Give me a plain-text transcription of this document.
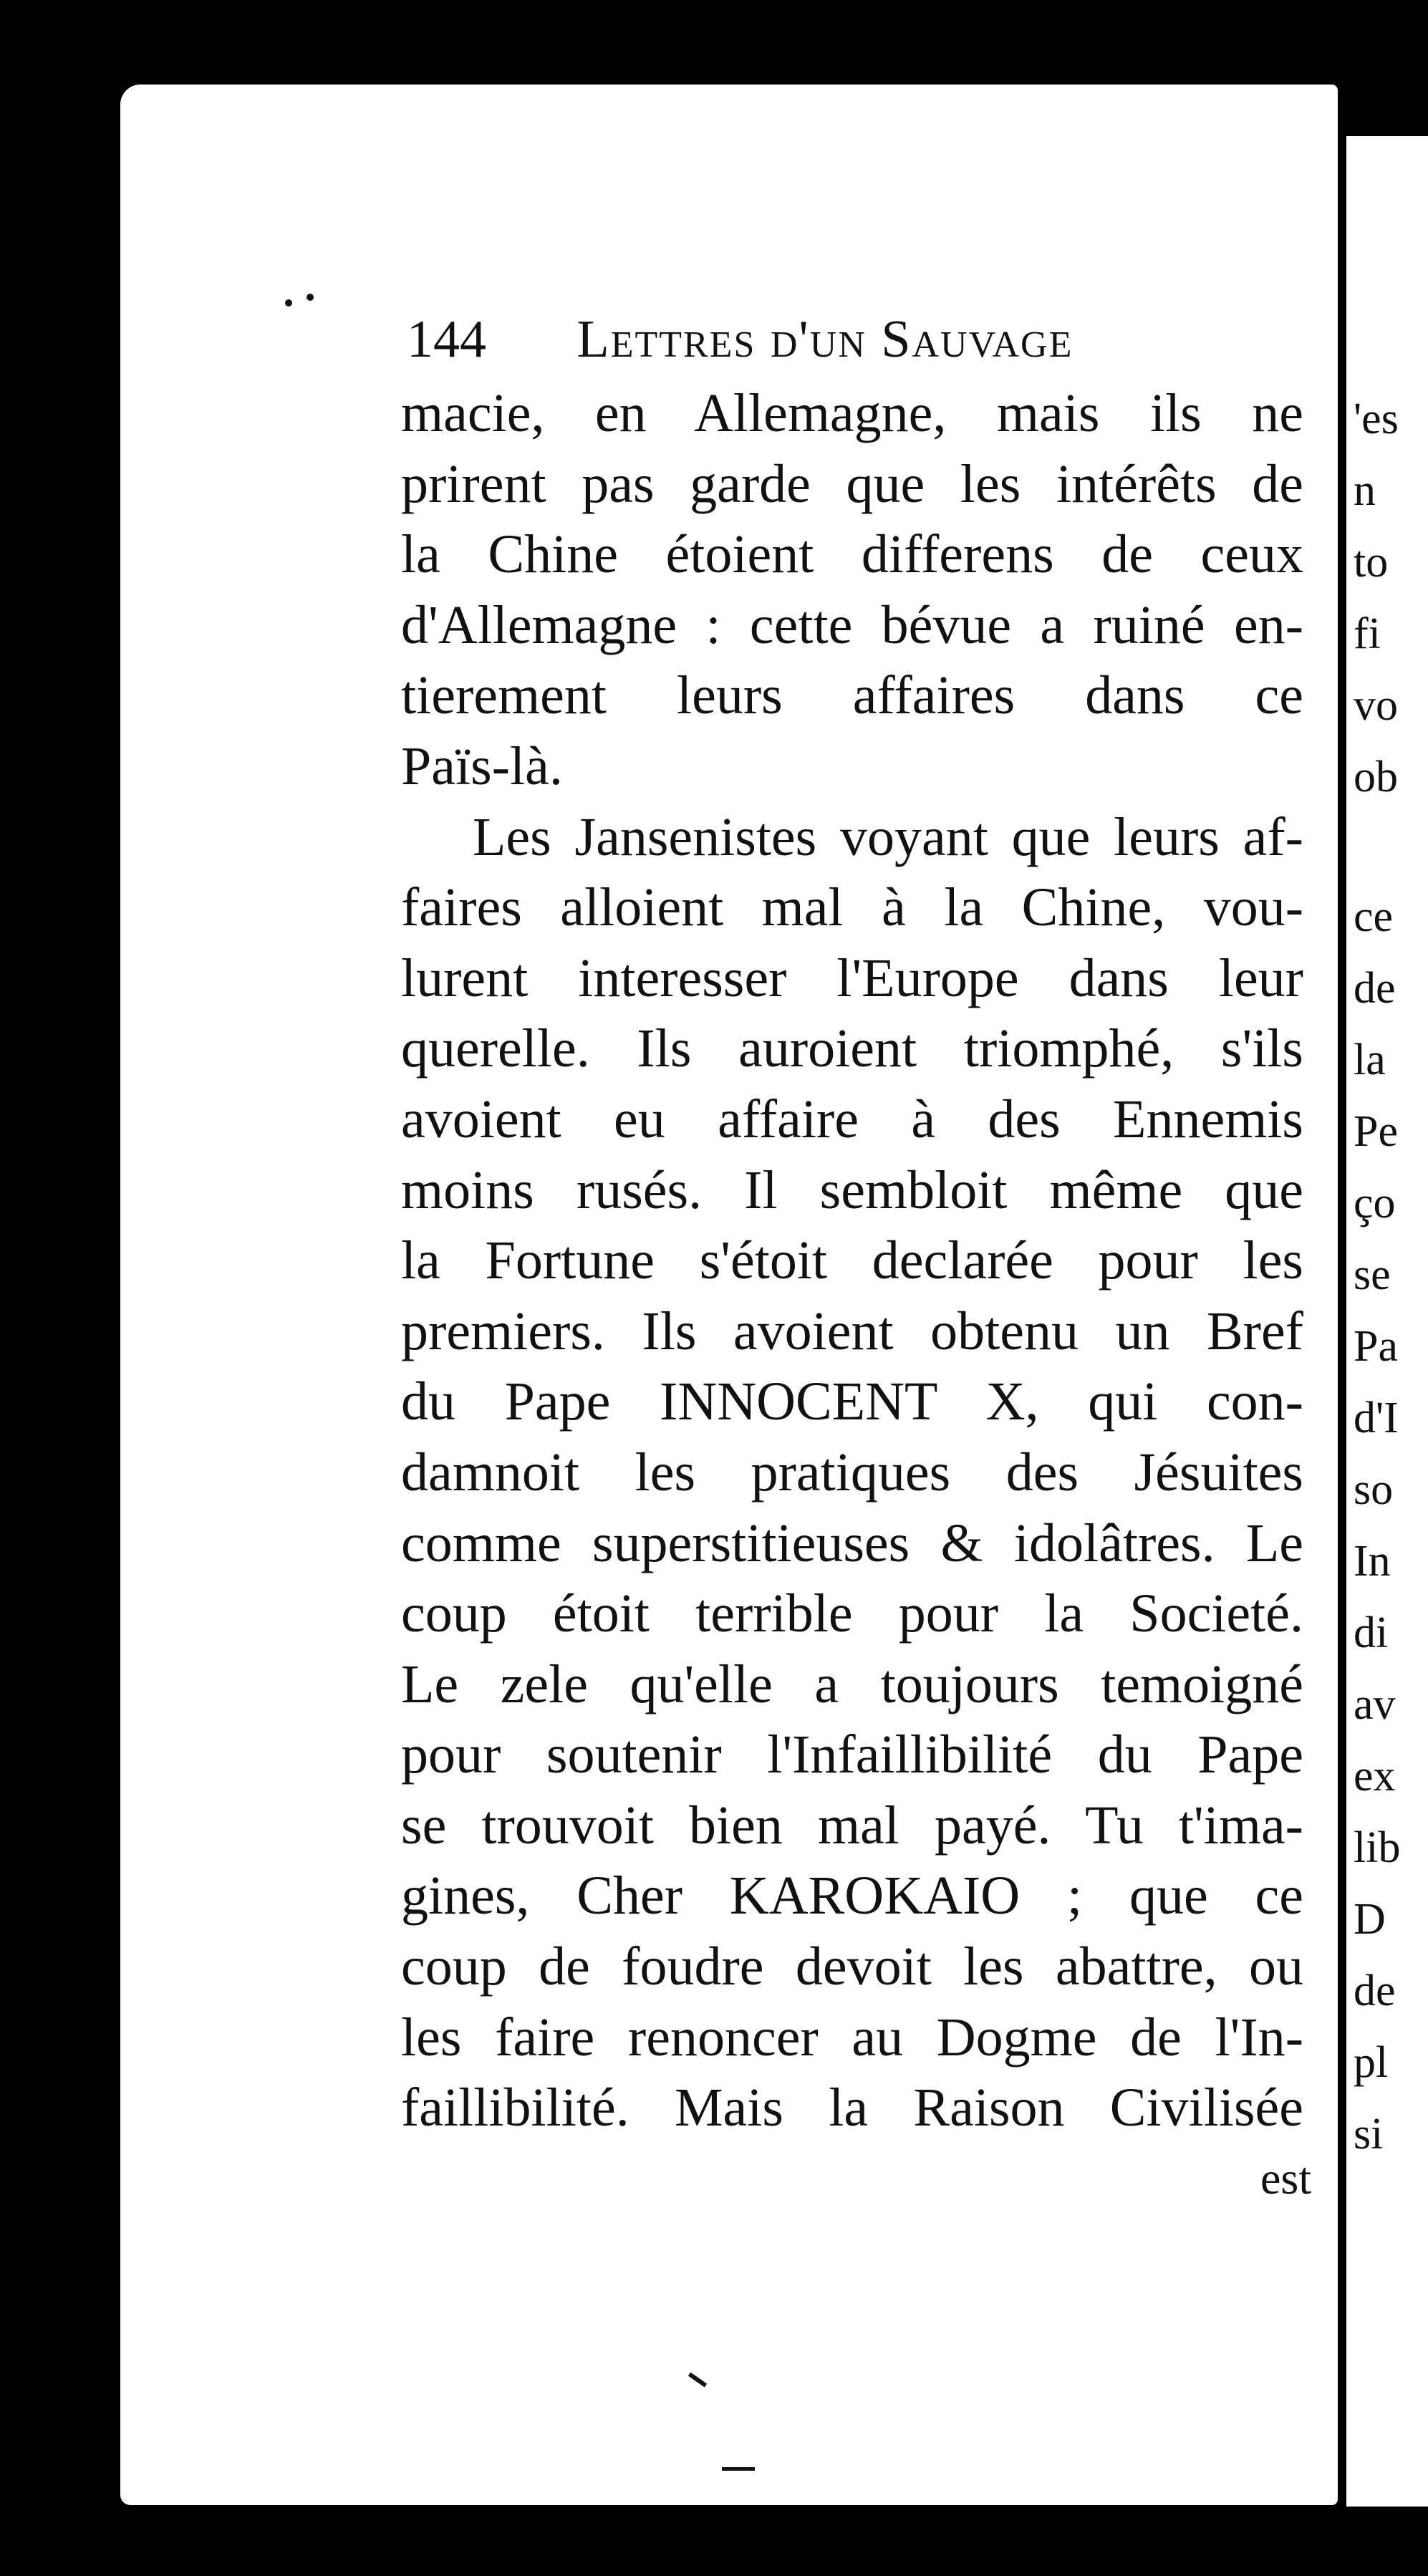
144 Lettres d'un Sauvage
macie, en Allemagne, mais ils ne
prirent pas garde que les intérêts de
la Chine étoient differens de ceux
d'Allemagne : cette bévue a ruiné en-
tierement leurs affaires dans ce
Païs-là.
Les Jansenistes voyant que leurs af-
faires alloient mal à la Chine, vou-
lurent interesser l'Europe dans leur
querelle. Ils auroient triomphé, s'ils
avoient eu affaire à des Ennemis
moins rusés. Il sembloit même que
la Fortune s'étoit declarée pour les
premiers. Ils avoient obtenu un Bref
du Pape INNOCENT X, qui con-
damnoit les pratiques des Jésuites
comme superstitieuses & idolâtres. Le
coup étoit terrible pour la Societé.
Le zele qu'elle a toujours temoigné
pour soutenir l'Infaillibilité du Pape
se trouvoit bien mal payé. Tu t'ima-
gines, Cher KAROKAIO ; que ce
coup de foudre devoit les abattre, ou
les faire renoncer au Dogme de l'In-
faillibilité. Mais la Raison Civilisée
est
'es
n
to
fi
vo
ob
ce
de
la
Pe
ço
se
Pa
d'I
so
In
di
av
ex
lib
D
de
pl
si
